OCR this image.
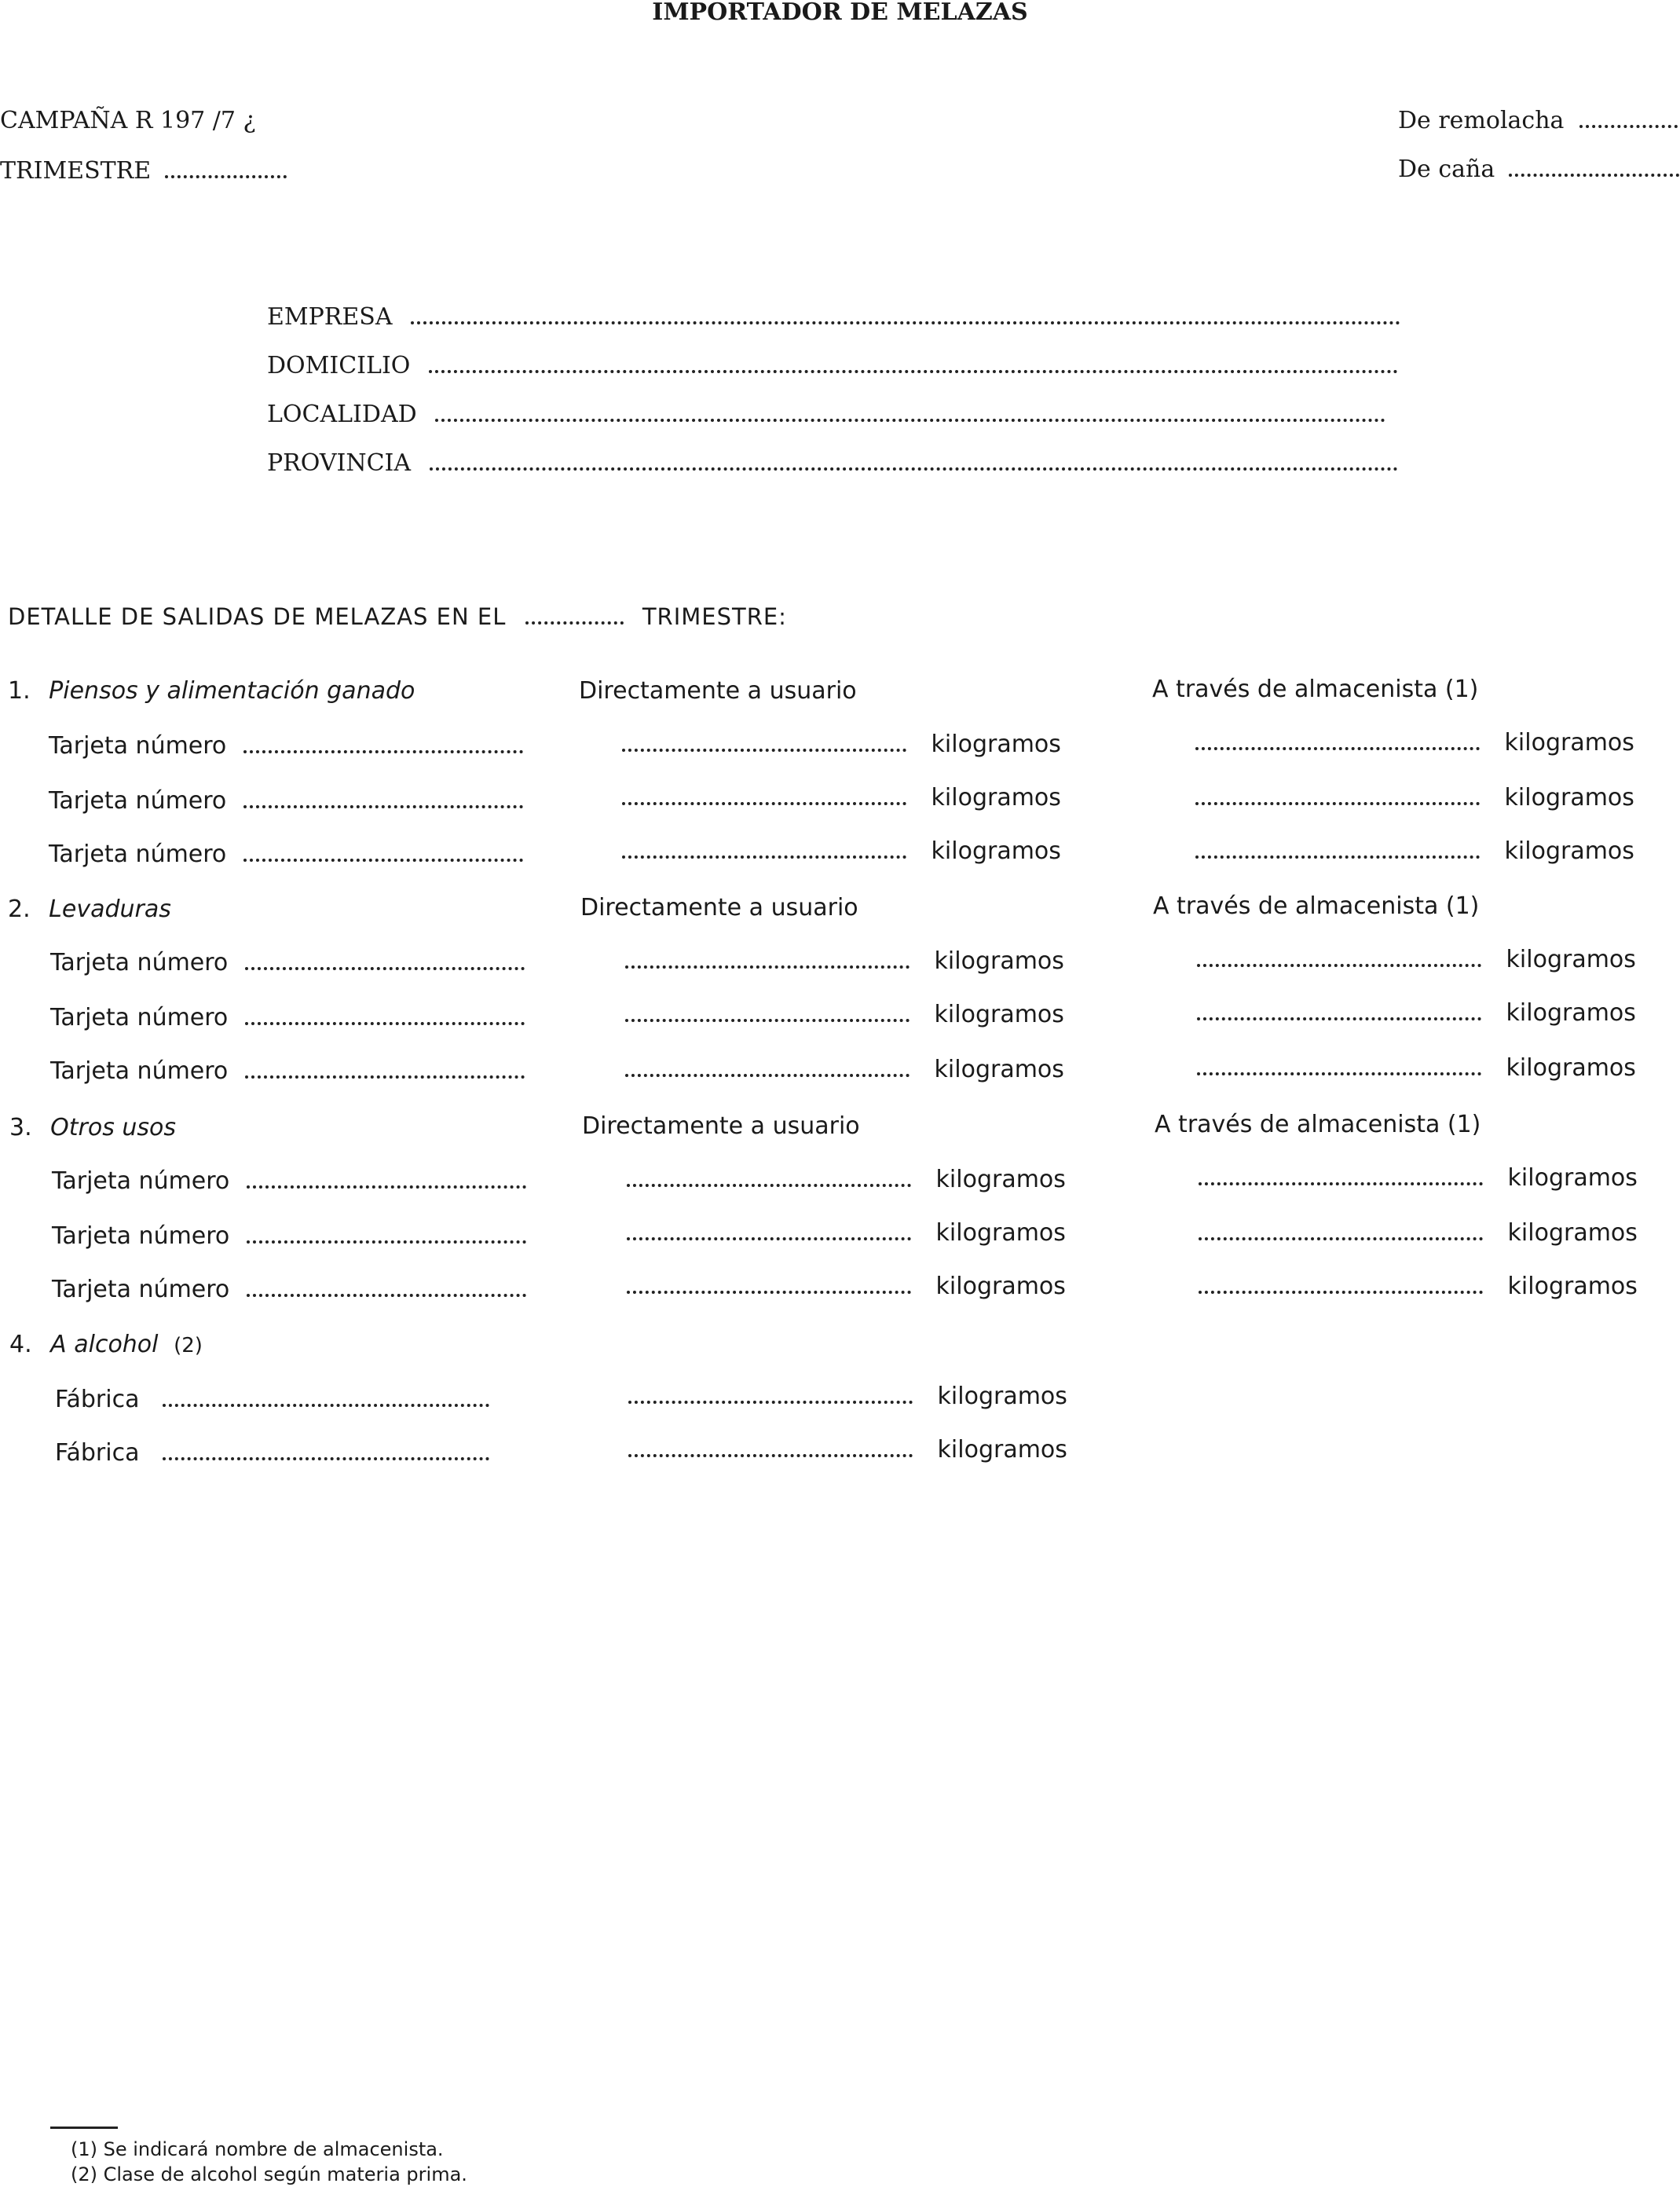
IMPORTADOR DE MELAZAS
CAMPAÑA R 197 /7 ¿
TRIMESTRE
De remolacha
De caña
EMPRESA
DOMICILIO
LOCALIDAD
PROVINCIA
DETALLE DE SALIDAS DE MELAZAS EN EL	TRIMESTRE:
1. Piensos y alimentación ganado	Directamente a usuario	A través de almacenista (1)
Tarjeta número	kilogramos	kilogramos
Tarjeta número	kilogramos	kilogramos
Tarjeta número	kilogramos	kilogramos
2. Levaduras	Directamente a usuario	A través de almacenista (1)
Tarjeta número	kilogramos	kilogramos
Tarjeta número	kilogramos	kilogramos
Tarjeta número	kilogramos	kilogramos
3. Otros usos	Directamente a usuario	A través de almacenista (1)
Tarjeta número	kilogramos	kilogramos
Tarjeta número	kilogramos	kilogramos
Tarjeta número	kilogramos	kilogramos
4. A alcohol (2)
Fábrica	kilogramos
Fábrica	kilogramos
(1) Se indicará nombre de almacenista.
(2) Clase de alcohol según materia prima.
